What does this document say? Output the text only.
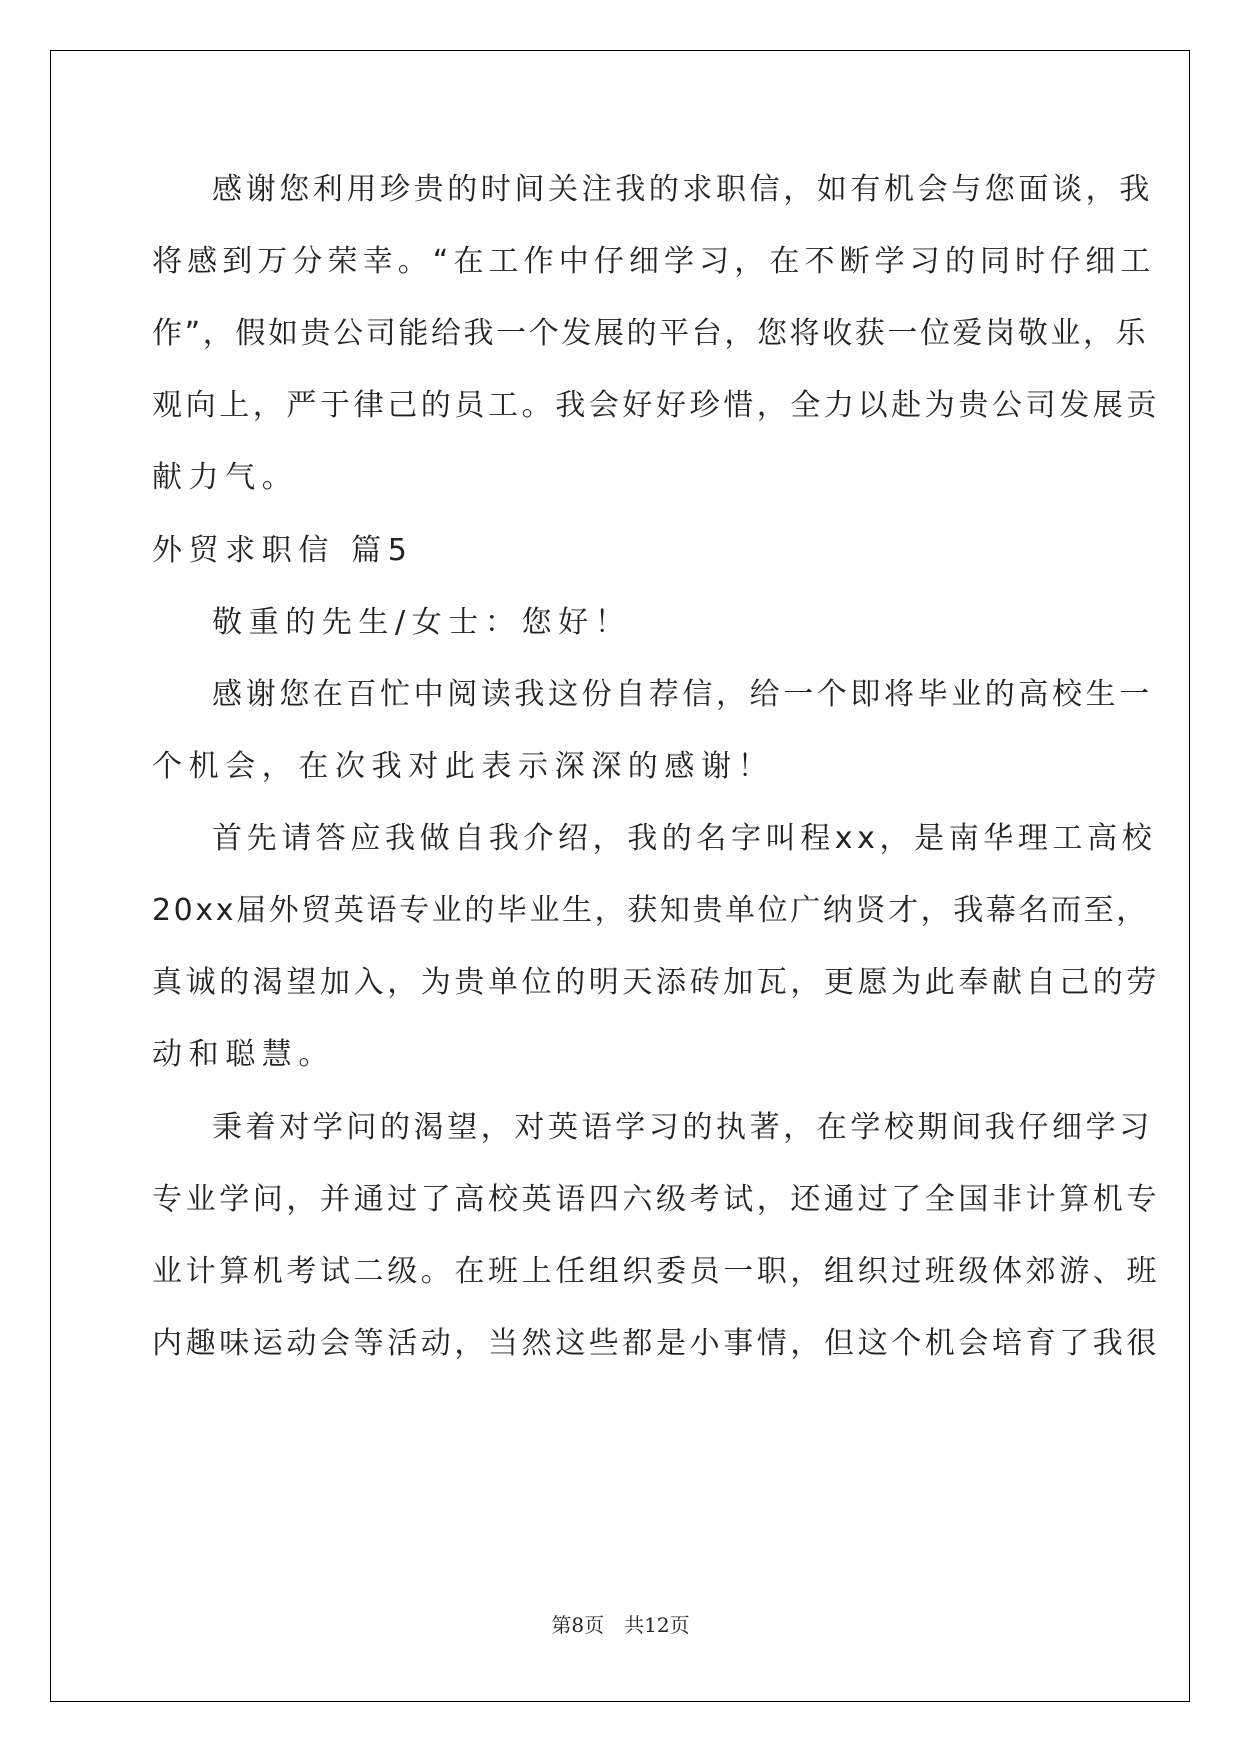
感谢您利用珍贵的时间关注我的求职信，如有机会与您面谈，我

将感到万分荣幸。“在工作中仔细学习，在不断学习的同时仔细工

作”，假如贵公司能给我一个发展的平台，您将收获一位爱岗敬业，乐

观向上，严于律己的员工。我会好好珍惜，全力以赴为贵公司发展贡

献力气。

外贸求职信 篇5

敬重的先生/女士：您好！

感谢您在百忙中阅读我这份自荐信，给一个即将毕业的高校生一

个机会，在次我对此表示深深的感谢！

首先请答应我做自我介绍，我的名字叫程xx，是南华理工高校

20xx届外贸英语专业的毕业生，获知贵单位广纳贤才，我幕名而至，

真诚的渴望加入，为贵单位的明天添砖加瓦，更愿为此奉献自己的劳

动和聪慧。

秉着对学问的渴望，对英语学习的执著，在学校期间我仔细学习

专业学问，并通过了高校英语四六级考试，还通过了全国非计算机专

业计算机考试二级。在班上任组织委员一职，组织过班级体郊游、班

内趣味运动会等活动，当然这些都是小事情，但这个机会培育了我很

第8页　共12页
